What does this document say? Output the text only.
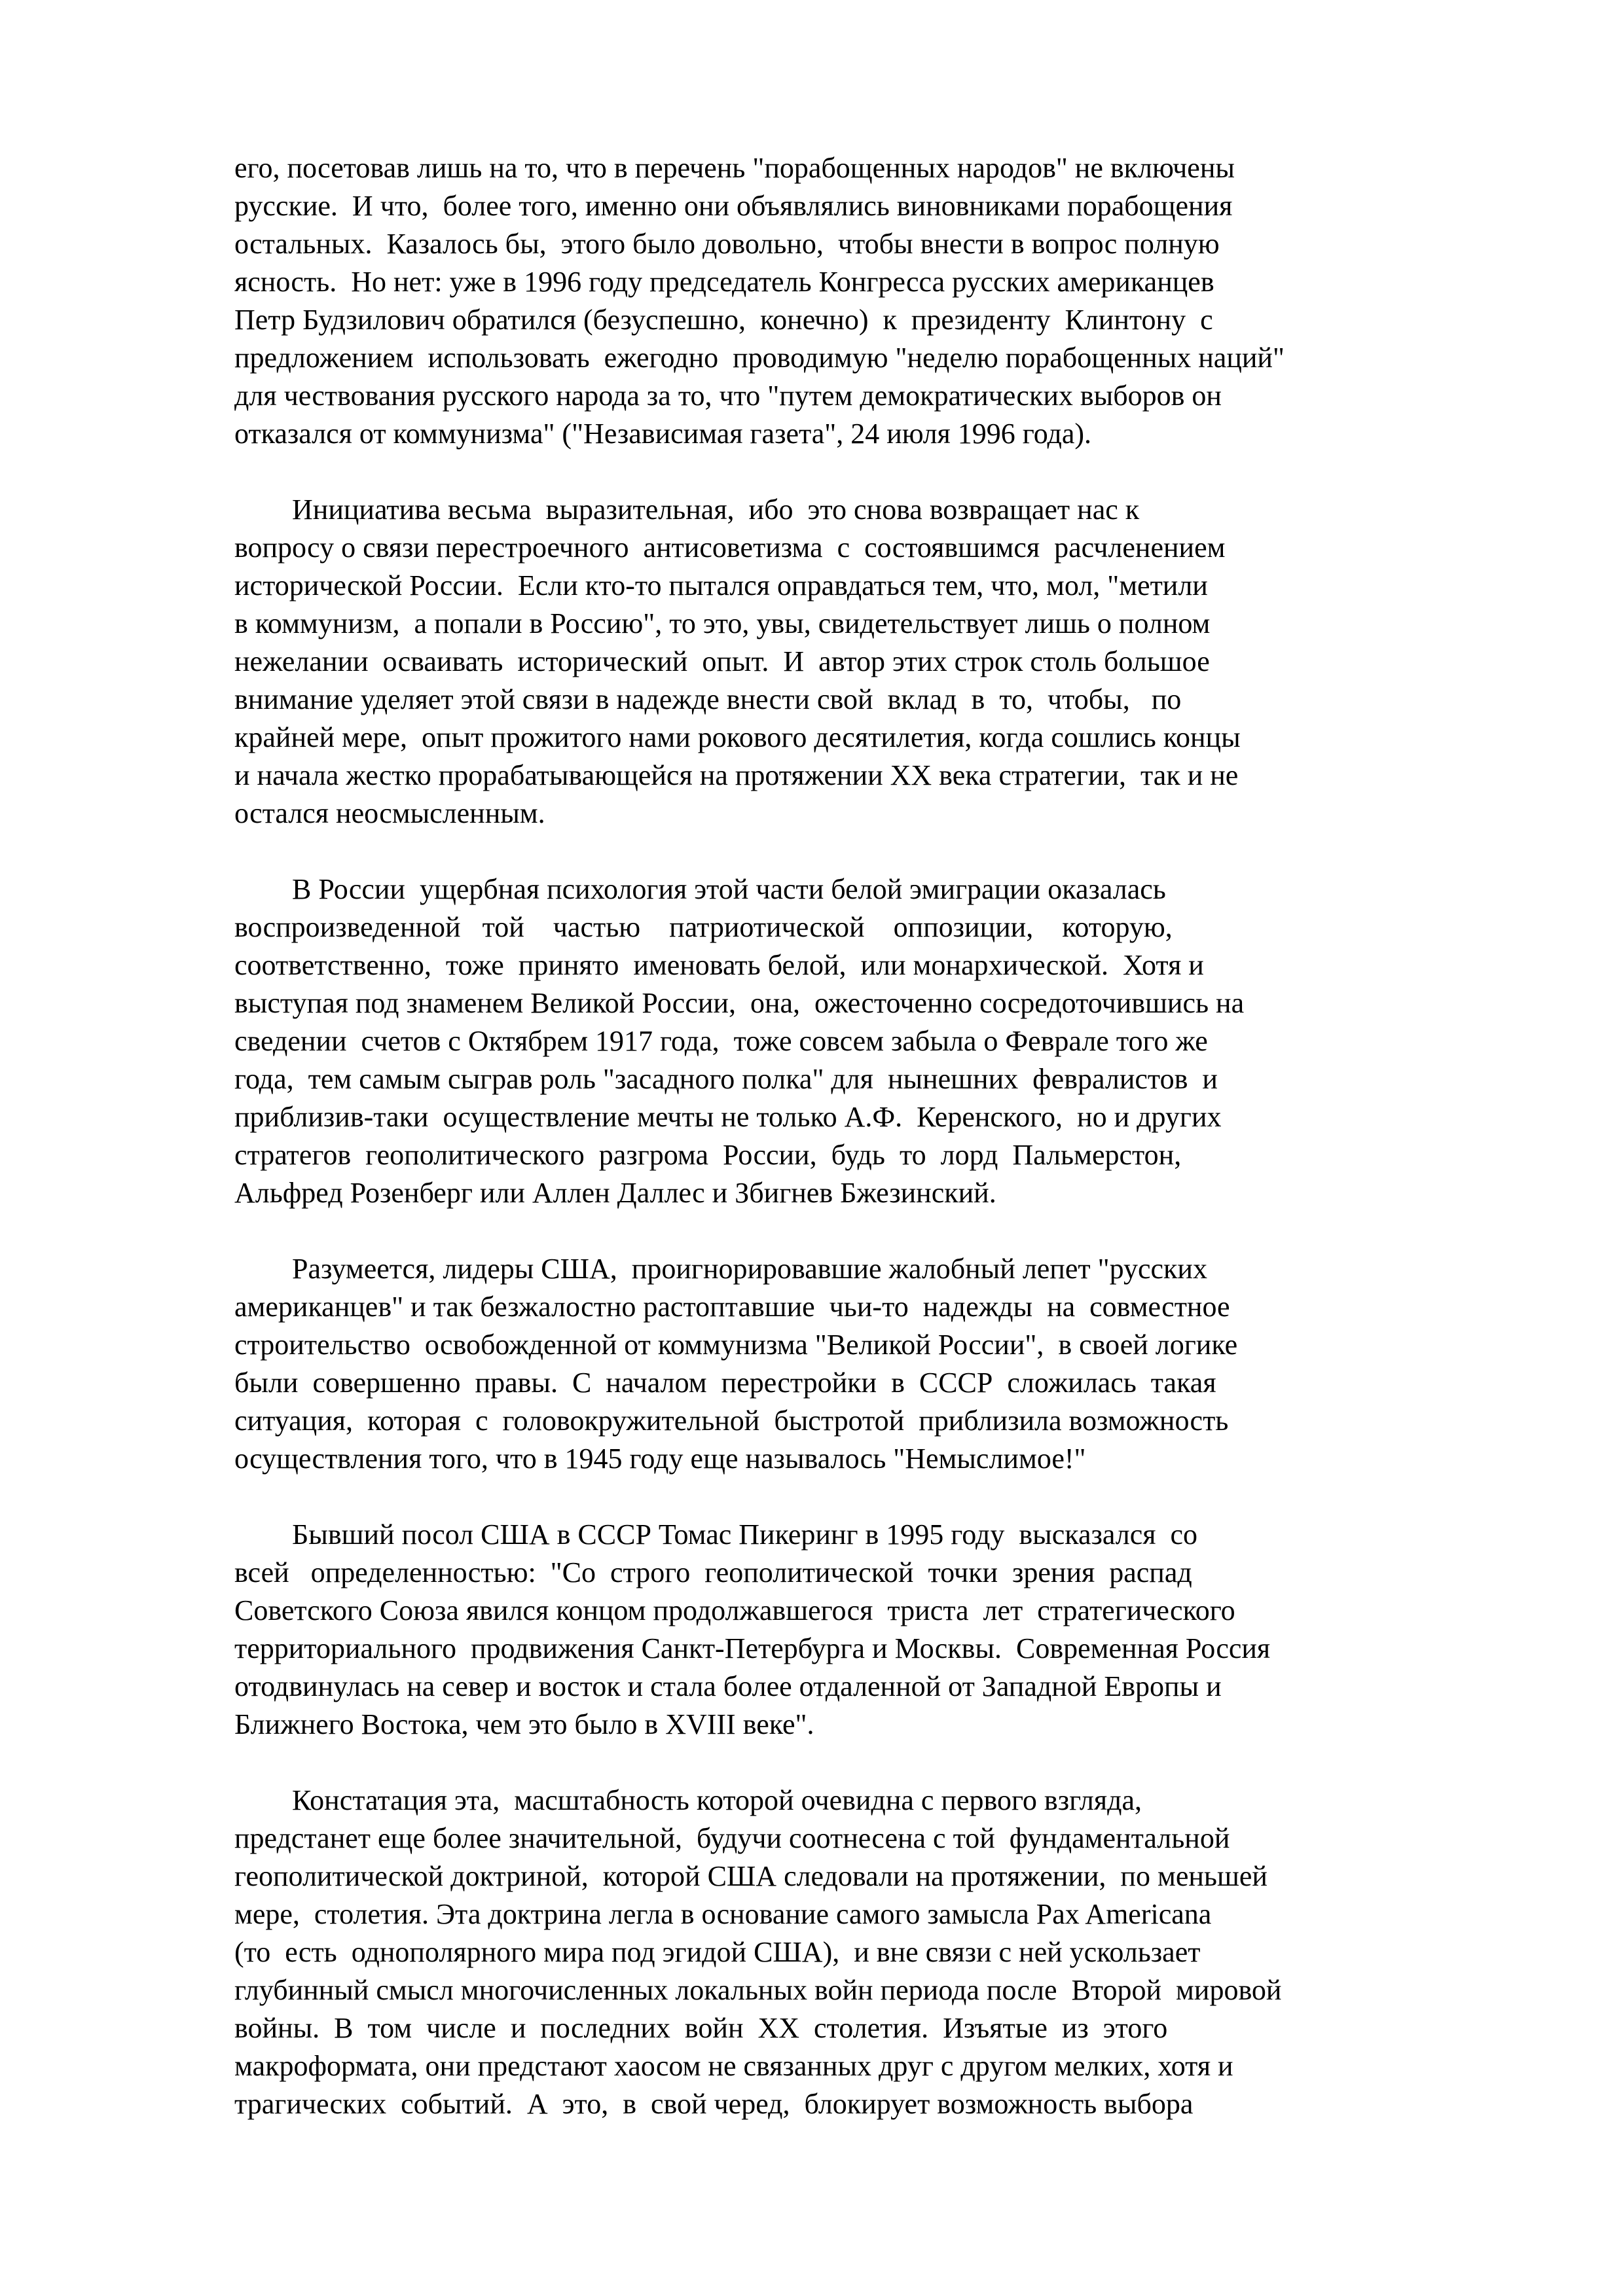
его, посетовав лишь на то, что в перечень "порабощенных народов" не включены
русские.  И что,  более того, именно они объявлялись виновниками порабощения
остальных.  Казалось бы,  этого было довольно,  чтобы внести в вопрос полную
ясность.  Но нет: уже в 1996 году председатель Конгресса русских американцев
Петр Будзилович обратился (безуспешно,  конечно)  к  президенту  Клинтону  с
предложением  использовать  ежегодно  проводимую "неделю порабощенных наций"
для чествования русского народа за то, что "путем демократических выборов он
отказался от коммунизма" ("Независимая газета", 24 июля 1996 года).
Инициатива весьма  выразительная,  ибо  это снова возвращает нас к
вопросу о связи перестроечного  антисоветизма  с  состоявшимся  расчленением
исторической России.  Если кто-то пытался оправдаться тем, что, мол, "метили
в коммунизм,  а попали в Россию", то это, увы, свидетельствует лишь о полном
нежелании  осваивать  исторический  опыт.  И  автор этих строк столь большое
внимание уделяет этой связи в надежде внести свой  вклад  в  то,  чтобы,   по
крайней мере,  опыт прожитого нами рокового десятилетия, когда сошлись концы
и начала жестко прорабатывающейся на протяжении XX века стратегии,  так и не
остался неосмысленным.
В России  ущербная психология этой части белой эмиграции оказалась
воспроизведенной   той    частью    патриотической    оппозиции,    которую,
соответственно,  тоже  принято  именовать белой,  или монархической.  Хотя и
выступая под знаменем Великой России,  она,  ожесточенно сосредоточившись на
сведении  счетов с Октябрем 1917 года,  тоже совсем забыла о Феврале того же
года,  тем самым сыграв роль "засадного полка" для  нынешних  февралистов  и
приблизив-таки  осуществление мечты не только А.Ф.  Керенского,  но и других
стратегов  геополитического  разгрома  России,  будь  то  лорд  Пальмерстон,
Альфред Розенберг или Аллен Даллес и Збигнев Бжезинский.
Разумеется, лидеры США,  проигнорировавшие жалобный лепет "русских
американцев" и так безжалостно растоптавшие  чьи-то  надежды  на  совместное
строительство  освобожденной от коммунизма "Великой России",  в своей логике
были  совершенно  правы.  С  началом  перестройки  в  СССР  сложилась  такая
ситуация,  которая  с  головокружительной  быстротой  приблизила возможность
осуществления того, что в 1945 году еще называлось "Немыслимое!"
Бывший посол США в СССР Томас Пикеринг в 1995 году  высказался  со
всей   определенностью:  "Со  строго  геополитической  точки  зрения  распад
Советского Союза явился концом продолжавшегося  триста  лет  стратегического
территориального  продвижения Санкт-Петербурга и Москвы.  Современная Россия
отодвинулась на север и восток и стала более отдаленной от Западной Европы и
Ближнего Востока, чем это было в XVIII веке".
Констатация эта,  масштабность которой очевидна с первого взгляда,
предстанет еще более значительной,  будучи соотнесена с той  фундаментальной
геополитической доктриной,  которой США следовали на протяжении,  по меньшей
мере,  столетия. Эта доктрина легла в основание самого замысла Pax Americana
(то  есть  однополярного мира под эгидой США),  и вне связи с ней ускользает
глубинный смысл многочисленных локальных войн периода после  Второй  мировой
войны.  В  том  числе  и  последних  войн  XX  столетия.  Изъятые  из  этого
макроформата, они предстают хаосом не связанных друг с другом мелких, хотя и
трагических  событий.  А  это,  в  свой черед,  блокирует возможность выбора
